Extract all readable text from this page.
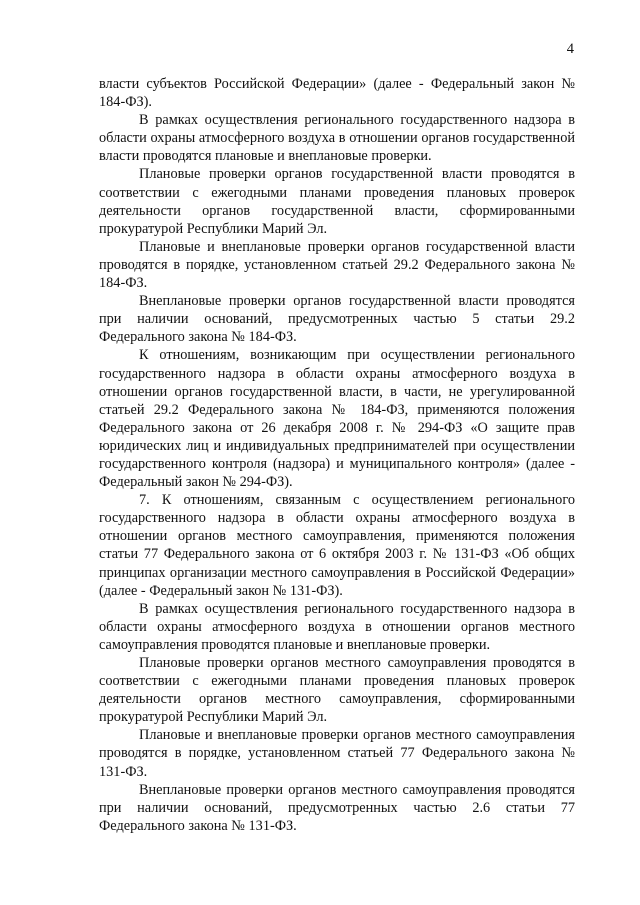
4

власти субъектов Российской Федерации» (далее - Федеральный закон № 184-ФЗ).

В рамках осуществления регионального государственного надзора в области охраны атмосферного воздуха в отношении органов государственной власти проводятся плановые и внеплановые проверки.

Плановые проверки органов государственной власти проводятся в соответствии с ежегодными планами проведения плановых проверок деятельности органов государственной власти, сформированными прокуратурой Республики Марий Эл.

Плановые и внеплановые проверки органов государственной власти проводятся в порядке, установленном статьей 29.2 Федерального закона № 184-ФЗ.

Внеплановые проверки органов государственной власти проводятся при наличии оснований, предусмотренных частью 5 статьи 29.2 Федерального закона № 184-ФЗ.

К отношениям, возникающим при осуществлении регионального государственного надзора в области охраны атмосферного воздуха в отношении органов государственной власти, в части, не урегулированной статьей 29.2 Федерального закона № 184-ФЗ, применяются положения Федерального закона от 26 декабря 2008 г. № 294-ФЗ «О защите прав юридических лиц и индивидуальных предпринимателей при осуществлении государственного контроля (надзора) и муниципального контроля» (далее - Федеральный закон № 294-ФЗ).

7. К отношениям, связанным с осуществлением регионального государственного надзора в области охраны атмосферного воздуха в отношении органов местного самоуправления, применяются положения статьи 77 Федерального закона от 6 октября 2003 г. № 131-ФЗ «Об общих принципах организации местного самоуправления в Российской Федерации» (далее - Федеральный закон № 131-ФЗ).

В рамках осуществления регионального государственного надзора в области охраны атмосферного воздуха в отношении органов местного самоуправления проводятся плановые и внеплановые проверки.

Плановые проверки органов местного самоуправления проводятся в соответствии с ежегодными планами проведения плановых проверок деятельности органов местного самоуправления, сформированными прокуратурой Республики Марий Эл.

Плановые и внеплановые проверки органов местного самоуправления проводятся в порядке, установленном статьей 77 Федерального закона № 131-ФЗ.

Внеплановые проверки органов местного самоуправления проводятся при наличии оснований, предусмотренных частью 2.6 статьи 77 Федерального закона № 131-ФЗ.
